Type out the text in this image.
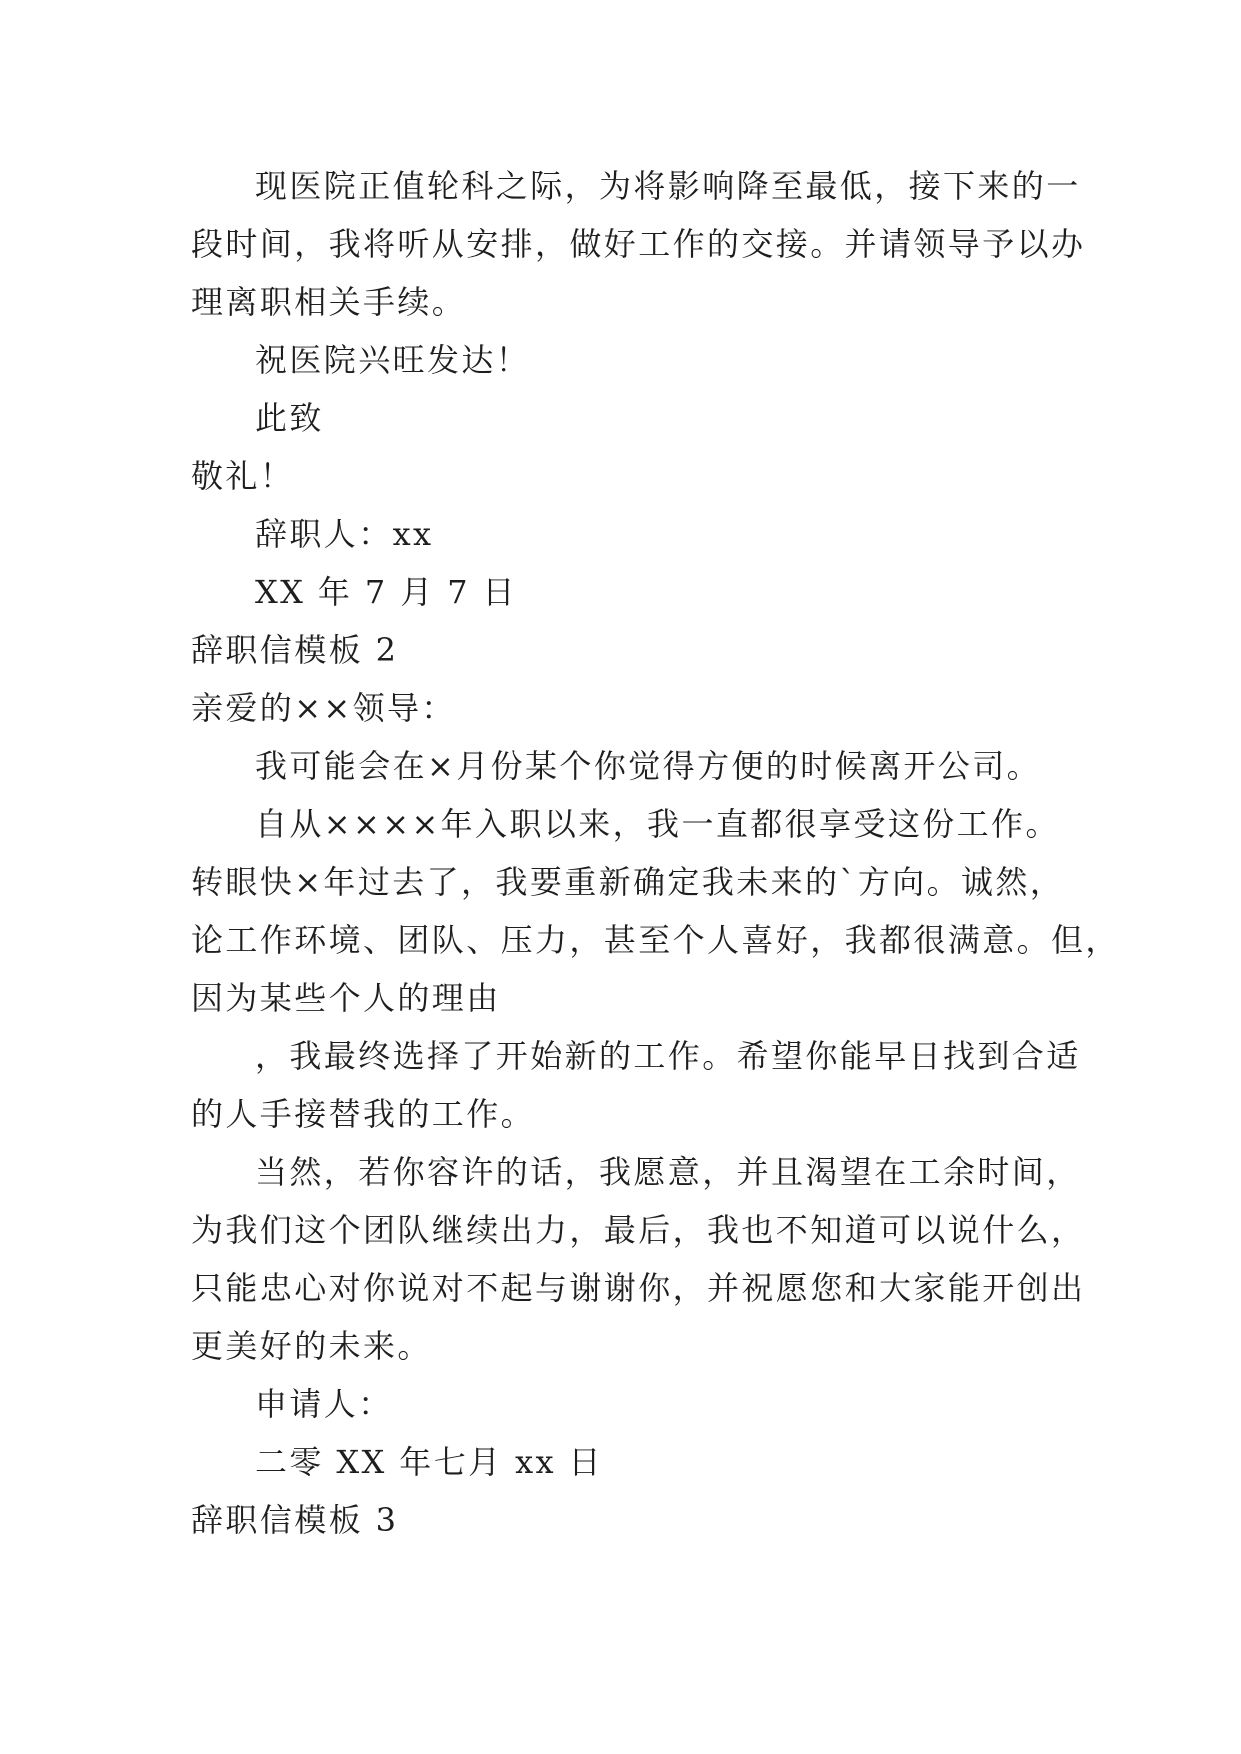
现医院正值轮科之际，为将影响降至最低，接下来的一
段时间，我将听从安排，做好工作的交接。并请领导予以办
理离职相关手续。
祝医院兴旺发达！
此致
敬礼！
辞职人：xx
XX 年 7 月 7 日
辞职信模板 2
亲爱的××领导：
我可能会在×月份某个你觉得方便的时候离开公司。
自从××××年入职以来，我一直都很享受这份工作。
转眼快×年过去了，我要重新确定我未来的`方向。诚然，
论工作环境、团队、压力，甚至个人喜好，我都很满意。但，
因为某些个人的理由
，我最终选择了开始新的工作。希望你能早日找到合适
的人手接替我的工作。
当然，若你容许的话，我愿意，并且渴望在工余时间，
为我们这个团队继续出力，最后，我也不知道可以说什么，
只能忠心对你说对不起与谢谢你，并祝愿您和大家能开创出
更美好的未来。
申请人：
二零 XX 年七月 xx 日
辞职信模板 3
